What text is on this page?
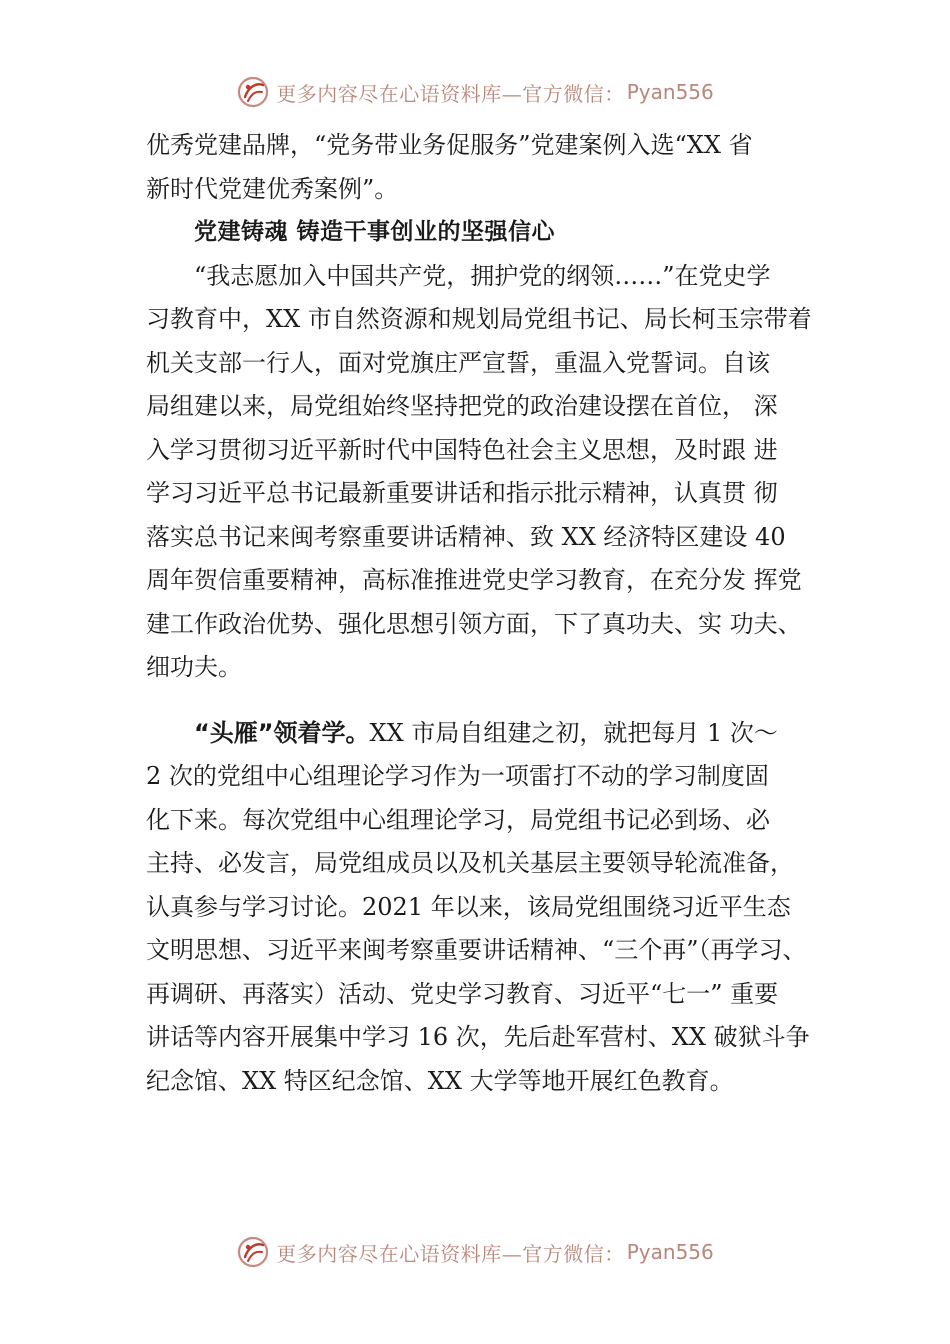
更多内容尽在心语资料库—官方微信： Pyan556
优秀党建品牌，“党务带业务促服务”党建案例入选“XX 省
新时代党建优秀案例”。
党建铸魂 铸造干事创业的坚强信心
“我志愿加入中国共产党，拥护党的纲领……”在党史学
习教育中，XX 市自然资源和规划局党组书记、局长柯玉宗带着
机关支部一行人，面对党旗庄严宣誓，重温入党誓词。自该
局组建以来，局党组始终坚持把党的政治建设摆在首位， 深
入学习贯彻习近平新时代中国特色社会主义思想，及时跟 进
学习习近平总书记最新重要讲话和指示批示精神，认真贯 彻
落实总书记来闽考察重要讲话精神、致 XX 经济特区建设 40
周年贺信重要精神，高标准推进党史学习教育，在充分发 挥党
建工作政治优势、强化思想引领方面，下了真功夫、实 功夫、
细功夫。
“头雁”领着学。XX 市局自组建之初，就把每月 1 次～
2 次的党组中心组理论学习作为一项雷打不动的学习制度固
化下来。每次党组中心组理论学习，局党组书记必到场、必
主持、必发言，局党组成员以及机关基层主要领导轮流准备，
认真参与学习讨论。2021 年以来，该局党组围绕习近平生态
文明思想、习近平来闽考察重要讲话精神、“三个再”（再学习、
再调研、再落实）活动、党史学习教育、习近平“七一” 重要
讲话等内容开展集中学习 16 次，先后赴军营村、XX 破狱斗争
纪念馆、XX 特区纪念馆、XX 大学等地开展红色教育。
更多内容尽在心语资料库—官方微信： Pyan556
